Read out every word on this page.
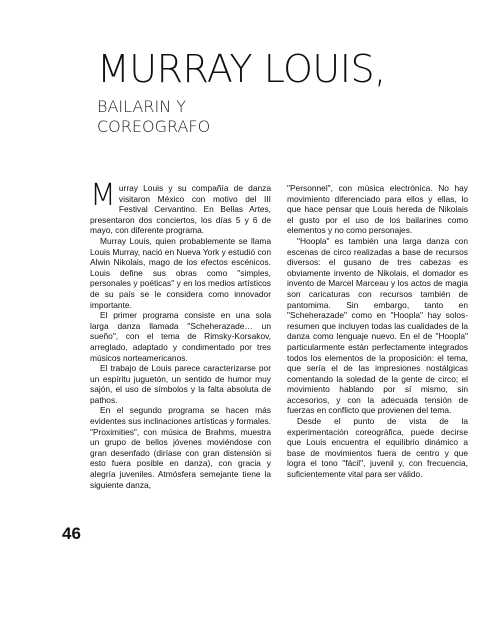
MURRAY LOUIS,
BAILARIN Y
COREOGRAFO

Murray Louis y su compañía de danza visitaron México con motivo del III Festival Cervantino. En Bellas Artes, presentaron dos conciertos, los días 5 y 6 de mayo, con diferente programa.

Murray Louis, quien probablemente se llama Louis Murray, nació en Nueva York y estudió con Alwin Nikolais, mago de los efectos escénicos. Louis define sus obras como "simples, personales y poéticas" y en los medios artísticos de su país se le considera como innovador importante.

El primer programa consiste en una sola larga danza llamada "Scheherazade… un sueño", con el tema de Rimsky-Korsakov, arreglado, adaptado y condimentado por tres músicos norteamericanos.

El trabajo de Louis parece caracterizarse por un espíritu juguetón, un sentido de humor muy sajón, el uso de símbolos y la falta absoluta de pathos.

En el segundo programa se hacen más evidentes sus inclinaciones artísticas y formales. "Proximities", con música de Brahms, muestra un grupo de bellos jóvenes moviéndose con gran desenfado (diríase con gran distensión si esto fuera posible en danza), con gracia y alegría juveniles. Atmósfera semejante tiene la siguiente danza,

"Personnel", con música electrónica. No hay movimiento diferenciado para ellos y ellas, lo que hace pensar que Louis hereda de Nikolais el gusto por el uso de los bailarines como elementos y no como personajes.

"Hoopla" es también una larga danza con escenas de circo realizadas a base de recursos diversos: el gusano de tres cabezas es obviamente invento de Nikolais, el domador es invento de Marcel Marceau y los actos de magia son caricaturas con recursos también de pantomima. Sin embargo, tanto en "Scheherazade" como en "Hoopla" hay solos-resumen que incluyen todas las cualidades de la danza como lenguaje nuevo. En el de "Hoopla" particularmente están perfectamente integrados todos los elementos de la proposición: el tema, que sería el de las impresiones nostálgicas comentando la soledad de la gente de circo; el movimiento hablando por sí mismo, sin accesorios, y con la adecuada tensión de fuerzas en conflicto que provienen del tema.

Desde el punto de vista de la experimentación coreográfica, puede decirse que Louis encuentra el equilibrio dinámico a base de movimientos fuera de centro y que logra el tono "fácil", juvenil y, con frecuencia, suficientemente vital para ser válido.

46
